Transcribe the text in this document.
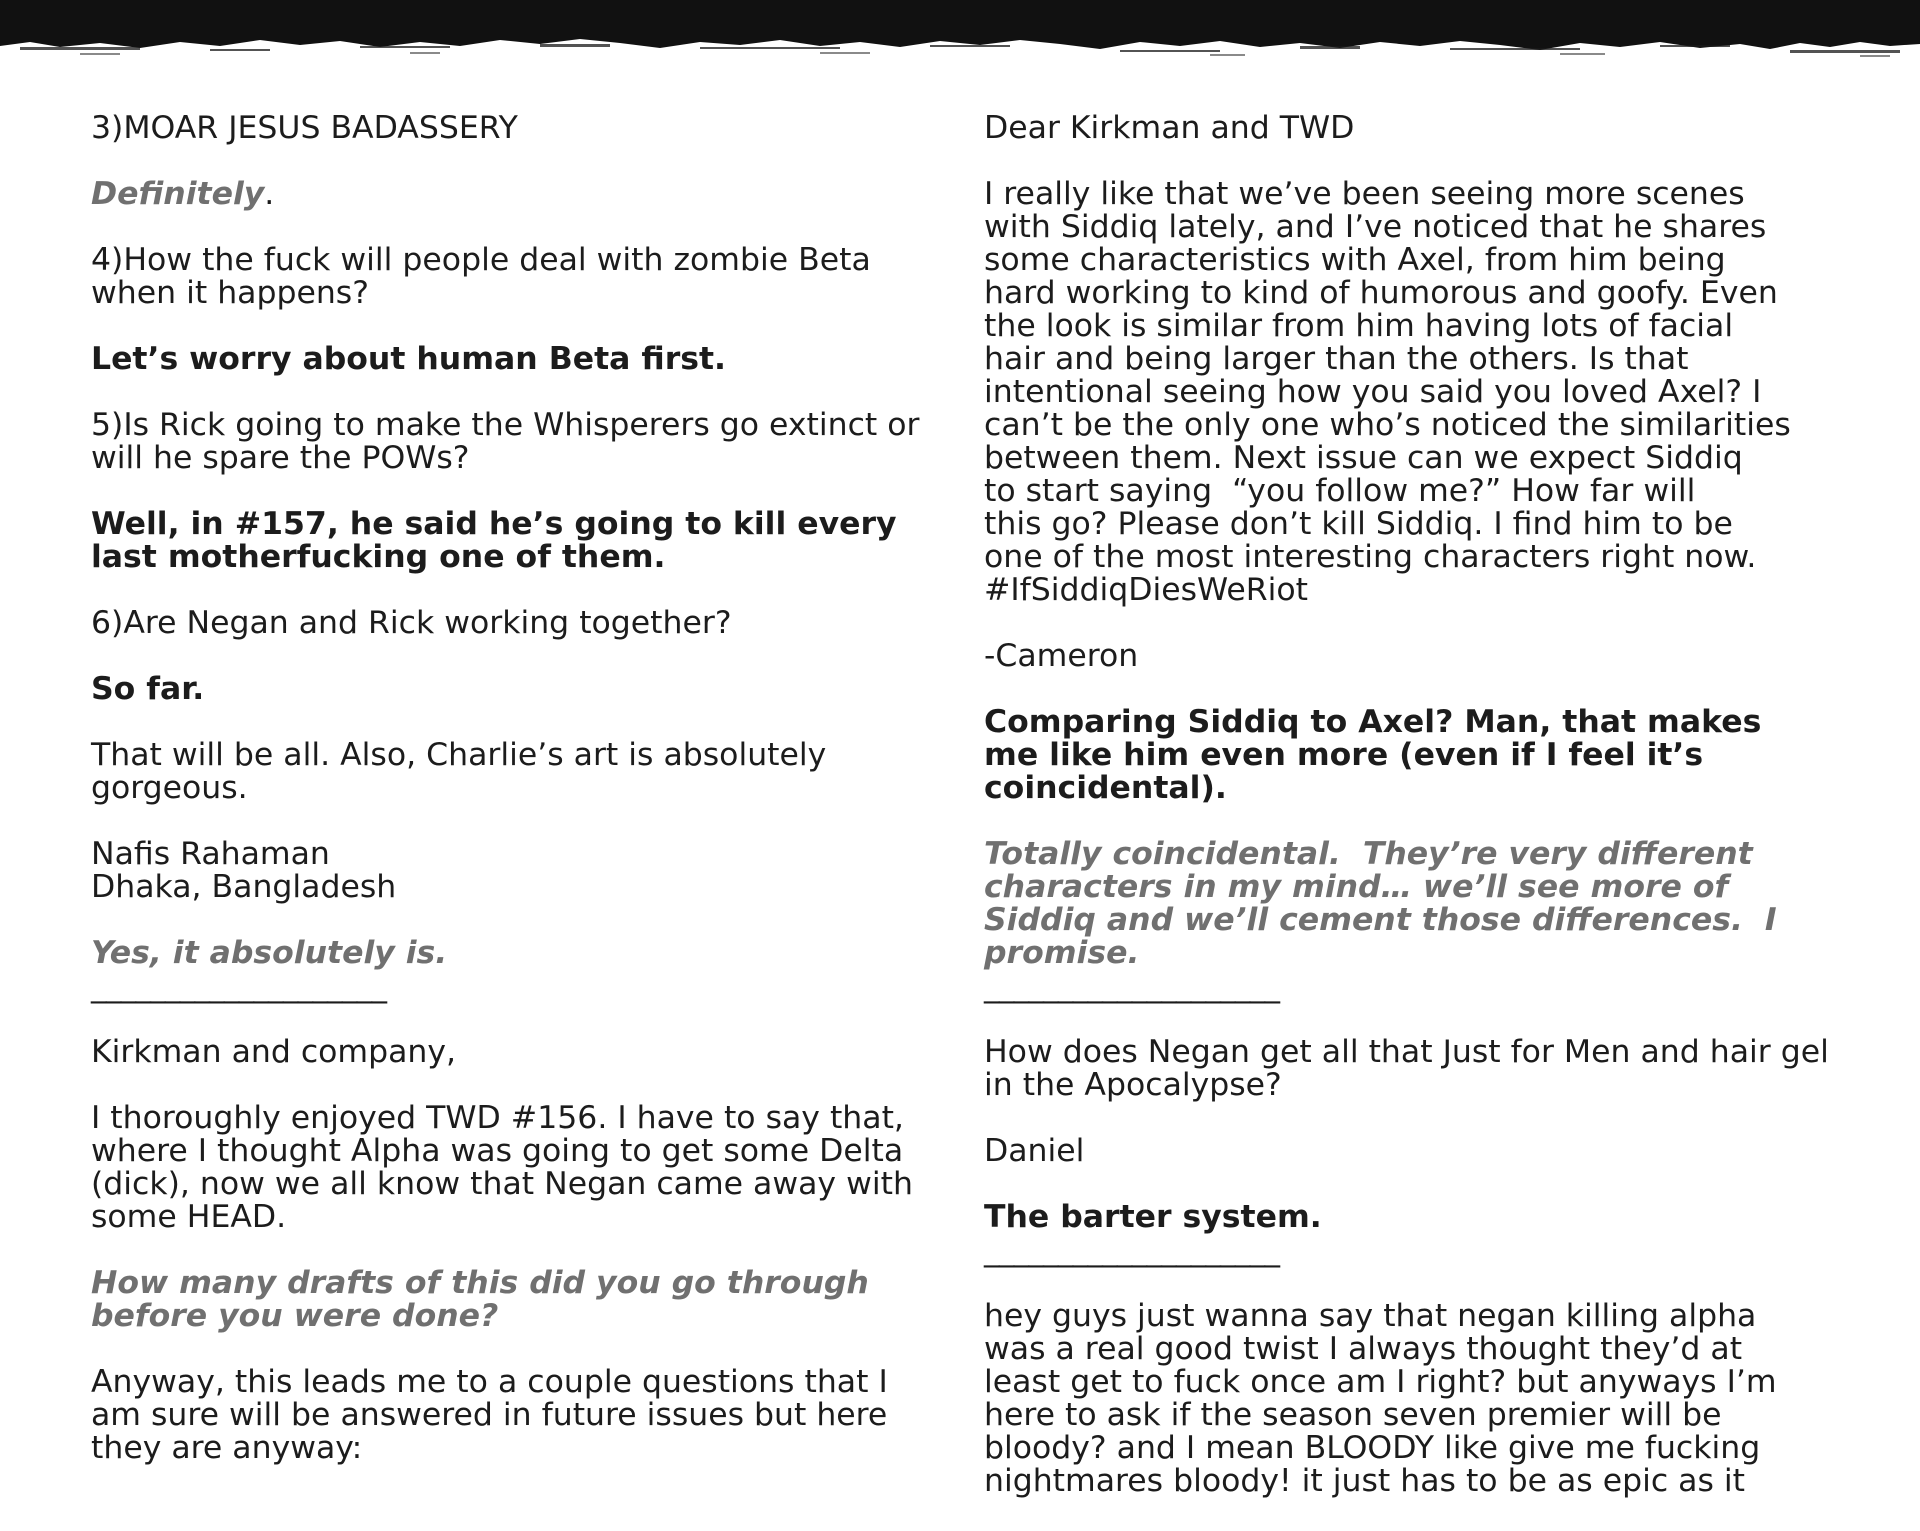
3)MOAR JESUS BADASSERY

Definitely.

4)How the fuck will people deal with zombie Beta
when it happens?

Let’s worry about human Beta first.

5)Is Rick going to make the Whisperers go extinct or
will he spare the POWs?

Well, in #157, he said he’s going to kill every
last motherfucking one of them.

6)Are Negan and Rick working together?

So far.

That will be all. Also, Charlie’s art is absolutely
gorgeous.

Nafis Rahaman
Dhaka, Bangladesh

Yes, it absolutely is.

____________________

Kirkman and company,

I thoroughly enjoyed TWD #156. I have to say that,
where I thought Alpha was going to get some Delta
(dick), now we all know that Negan came away with
some HEAD.

How many drafts of this did you go through
before you were done?

Anyway, this leads me to a couple questions that I
am sure will be answered in future issues but here
they are anyway:

Dear Kirkman and TWD

I really like that we’ve been seeing more scenes
with Siddiq lately, and I’ve noticed that he shares
some characteristics with Axel, from him being
hard working to kind of humorous and goofy. Even
the look is similar from him having lots of facial
hair and being larger than the others. Is that
intentional seeing how you said you loved Axel? I
can’t be the only one who’s noticed the similarities
between them. Next issue can we expect Siddiq
to start saying  “you follow me?” How far will
this go? Please don’t kill Siddiq. I find him to be
one of the most interesting characters right now.
#IfSiddiqDiesWeRiot

-Cameron

Comparing Siddiq to Axel? Man, that makes
me like him even more (even if I feel it’s
coincidental).

Totally coincidental.  They’re very different
characters in my mind… we’ll see more of
Siddiq and we’ll cement those differences.  I
promise.

____________________

How does Negan get all that Just for Men and hair gel
in the Apocalypse?

Daniel

The barter system.

____________________

hey guys just wanna say that negan killing alpha
was a real good twist I always thought they’d at
least get to fuck once am I right? but anyways I’m
here to ask if the season seven premier will be
bloody? and I mean BLOODY like give me fucking
nightmares bloody! it just has to be as epic as it
